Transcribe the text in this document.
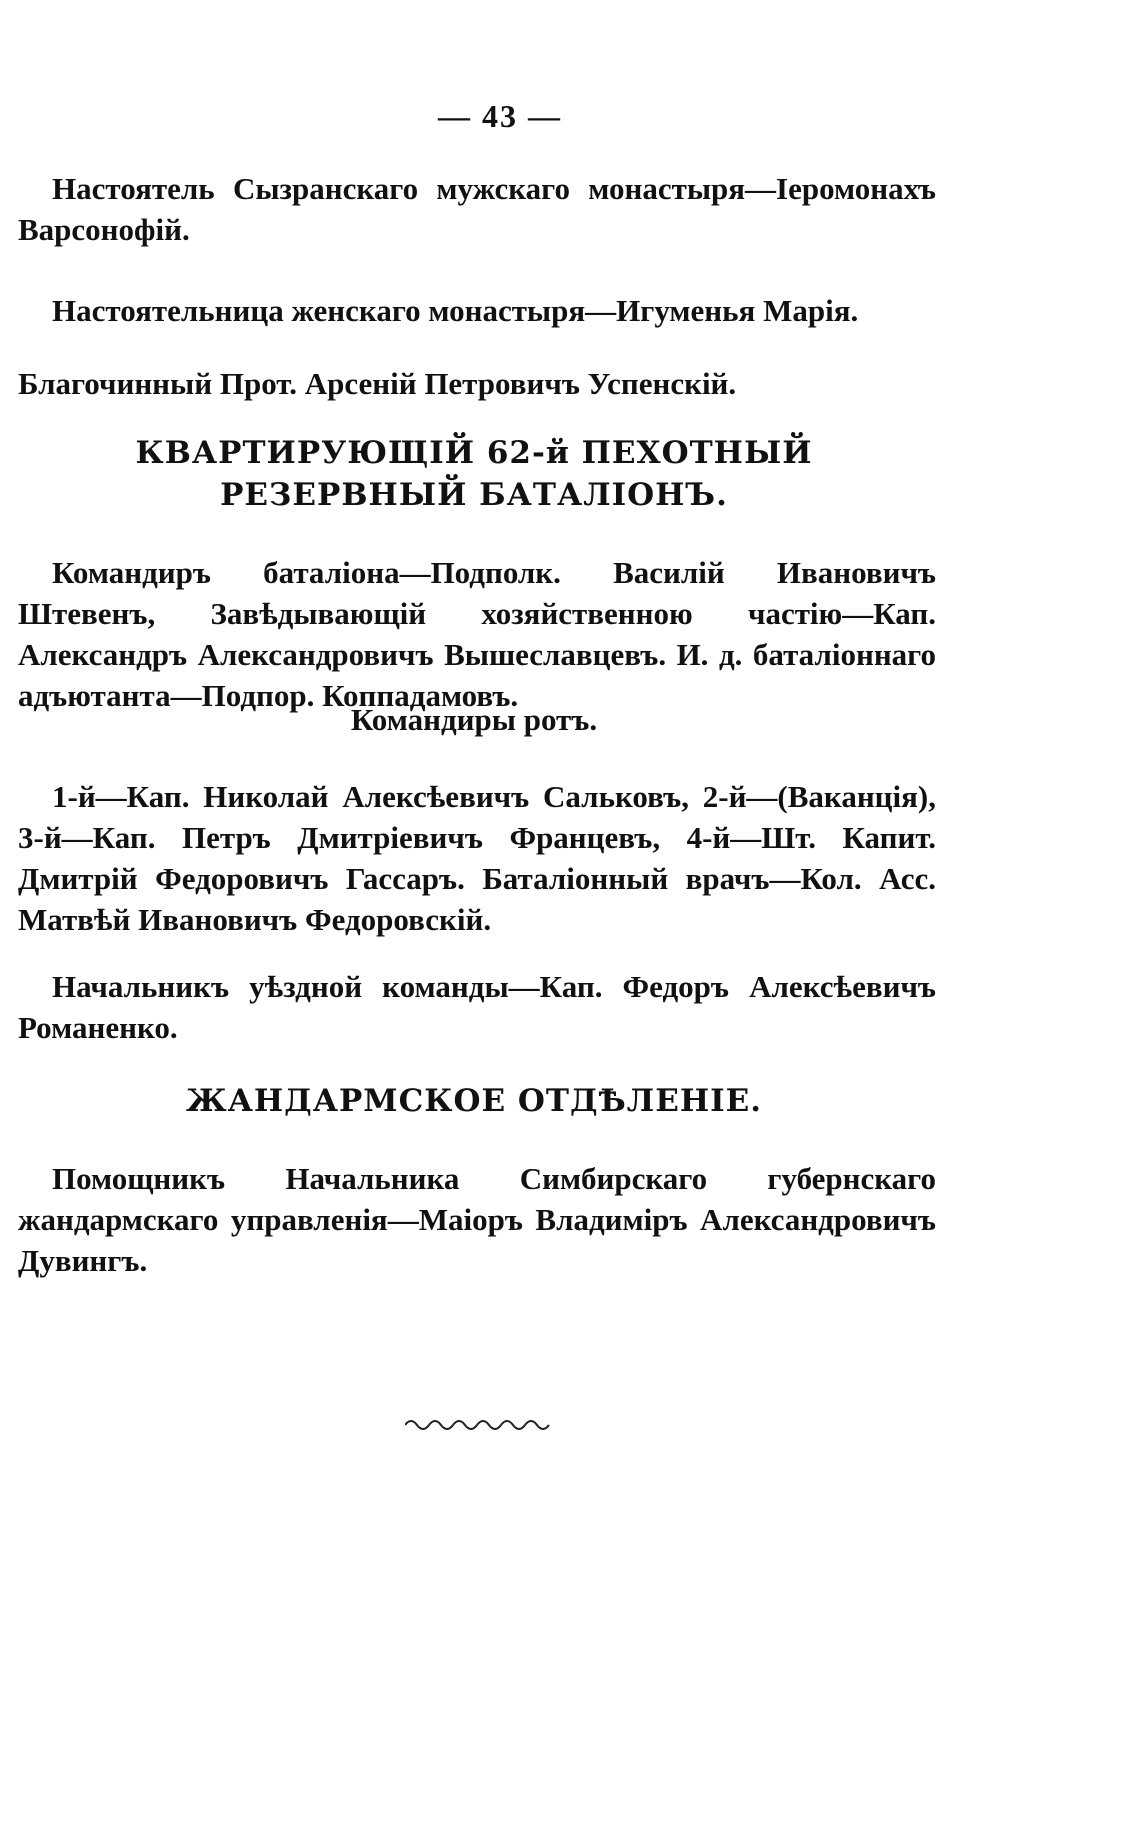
— 43 —
Настоятель Сызранскаго мужскаго монастыря—Іеромонахъ Варсонофій.
Настоятельница женскаго монастыря—Игуменья Марія.
Благочинный Прот. Арсеній Петровичъ Успенскій.
КВАРТИРУЮЩІЙ 62-й ПЕХОТНЫЙ РЕЗЕРВНЫЙ БАТАЛІОНЪ.
Командиръ баталіона—Подполк. Василій Ивановичъ Штевенъ, Завѣдывающій хозяйственною частію—Кап. Александръ Александровичъ Вышеславцевъ. И. д. баталіоннаго адъютанта—Подпор. Коппадамовъ.
Командиры ротъ.
1-й—Кап. Николай Алексѣевичъ Сальковъ, 2-й—(Ваканція), 3-й—Кап. Петръ Дмитріевичъ Францевъ, 4-й—Шт. Капит. Дмитрій Федоровичъ Гассаръ. Баталіонный врачъ—Кол. Асс. Матвѣй Ивановичъ Федоровскій.
Начальникъ уѣздной команды—Кап. Федоръ Алексѣевичъ Романенко.
ЖАНДАРМСКОЕ ОТДѢЛЕНІЕ.
Помощникъ Начальника Симбирскаго губернскаго жандармскаго управленія—Маіоръ Владиміръ Александровичъ Дувингъ.
